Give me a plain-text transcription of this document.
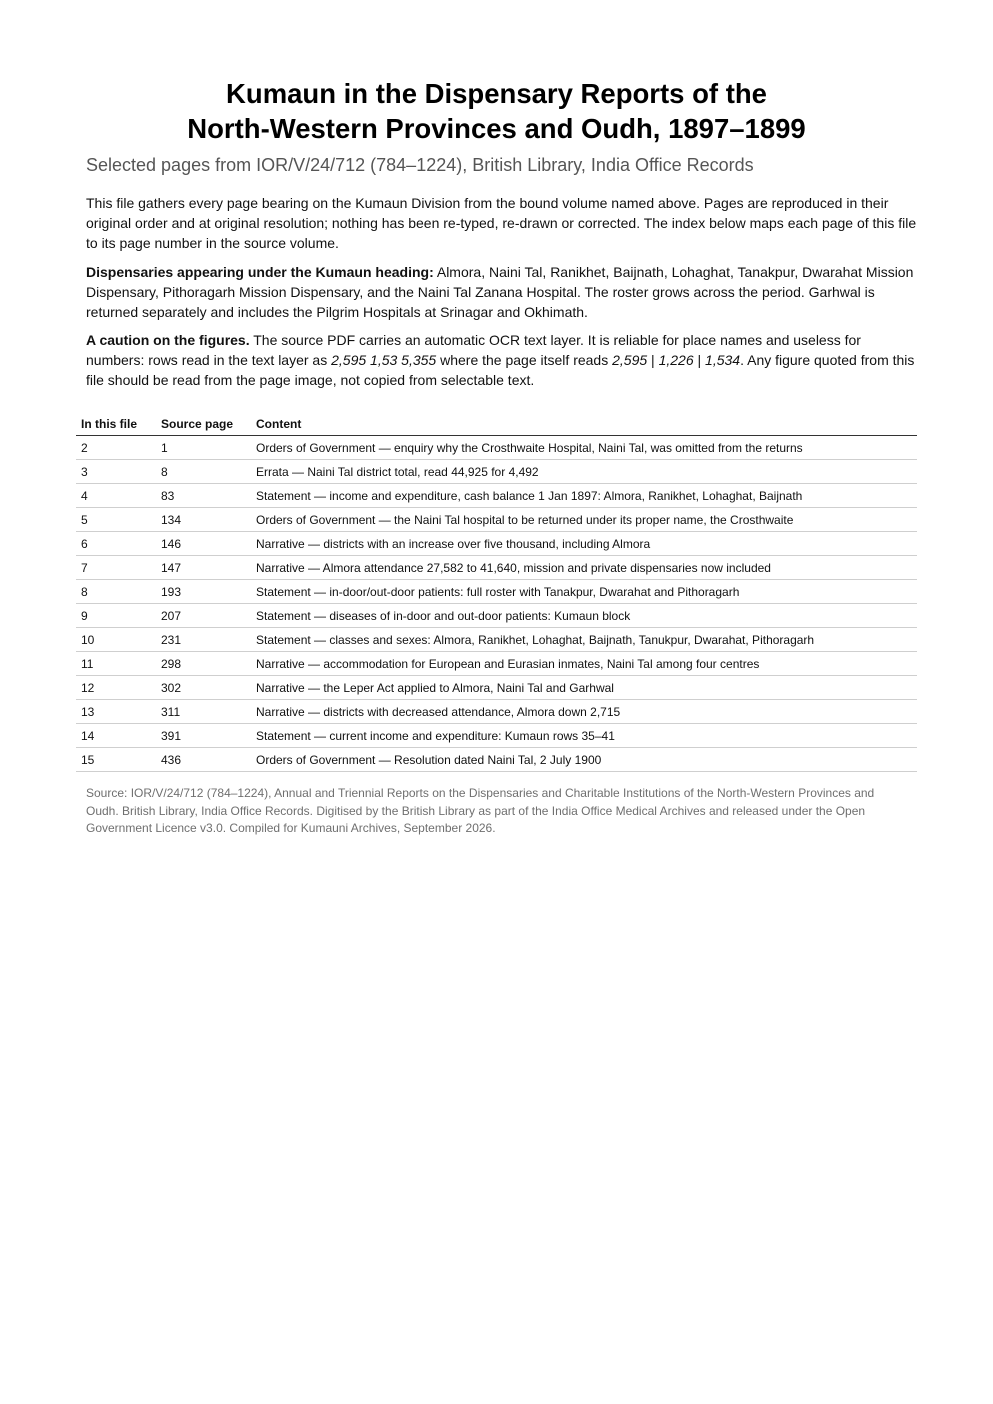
Kumaun in the Dispensary Reports of the
North-Western Provinces and Oudh, 1897–1899
Selected pages from IOR/V/24/712 (784–1224), British Library, India Office Records

This file gathers every page bearing on the Kumaun Division from the bound volume named above. Pages are reproduced in their original order and at original resolution; nothing has been re-typed, re-drawn or corrected. The index below maps each page of this file to its page number in the source volume.

Dispensaries appearing under the Kumaun heading: Almora, Naini Tal, Ranikhet, Baijnath, Lohaghat, Tanakpur, Dwarahat Mission Dispensary, Pithoragarh Mission Dispensary, and the Naini Tal Zanana Hospital. The roster grows across the period. Garhwal is returned separately and includes the Pilgrim Hospitals at Srinagar and Okhimath.

A caution on the figures. The source PDF carries an automatic OCR text layer. It is reliable for place names and useless for numbers: rows read in the text layer as 2,595 1,53 5,355 where the page itself reads 2,595 | 1,226 | 1,534. Any figure quoted from this file should be read from the page image, not copied from selectable text.

In this file	Source page	Content
2	1	Orders of Government — enquiry why the Crosthwaite Hospital, Naini Tal, was omitted from the returns
3	8	Errata — Naini Tal district total, read 44,925 for 4,492
4	83	Statement — income and expenditure, cash balance 1 Jan 1897: Almora, Ranikhet, Lohaghat, Baijnath
5	134	Orders of Government — the Naini Tal hospital to be returned under its proper name, the Crosthwaite
6	146	Narrative — districts with an increase over five thousand, including Almora
7	147	Narrative — Almora attendance 27,582 to 41,640, mission and private dispensaries now included
8	193	Statement — in-door/out-door patients: full roster with Tanakpur, Dwarahat and Pithoragarh
9	207	Statement — diseases of in-door and out-door patients: Kumaun block
10	231	Statement — classes and sexes: Almora, Ranikhet, Lohaghat, Baijnath, Tanukpur, Dwarahat, Pithoragarh
11	298	Narrative — accommodation for European and Eurasian inmates, Naini Tal among four centres
12	302	Narrative — the Leper Act applied to Almora, Naini Tal and Garhwal
13	311	Narrative — districts with decreased attendance, Almora down 2,715
14	391	Statement — current income and expenditure: Kumaun rows 35–41
15	436	Orders of Government — Resolution dated Naini Tal, 2 July 1900
Source: IOR/V/24/712 (784–1224), Annual and Triennial Reports on the Dispensaries and Charitable Institutions of the North-Western Provinces and Oudh. British Library, India Office Records. Digitised by the British Library as part of the India Office Medical Archives and released under the Open Government Licence v3.0. Compiled for Kumauni Archives, September 2026.
